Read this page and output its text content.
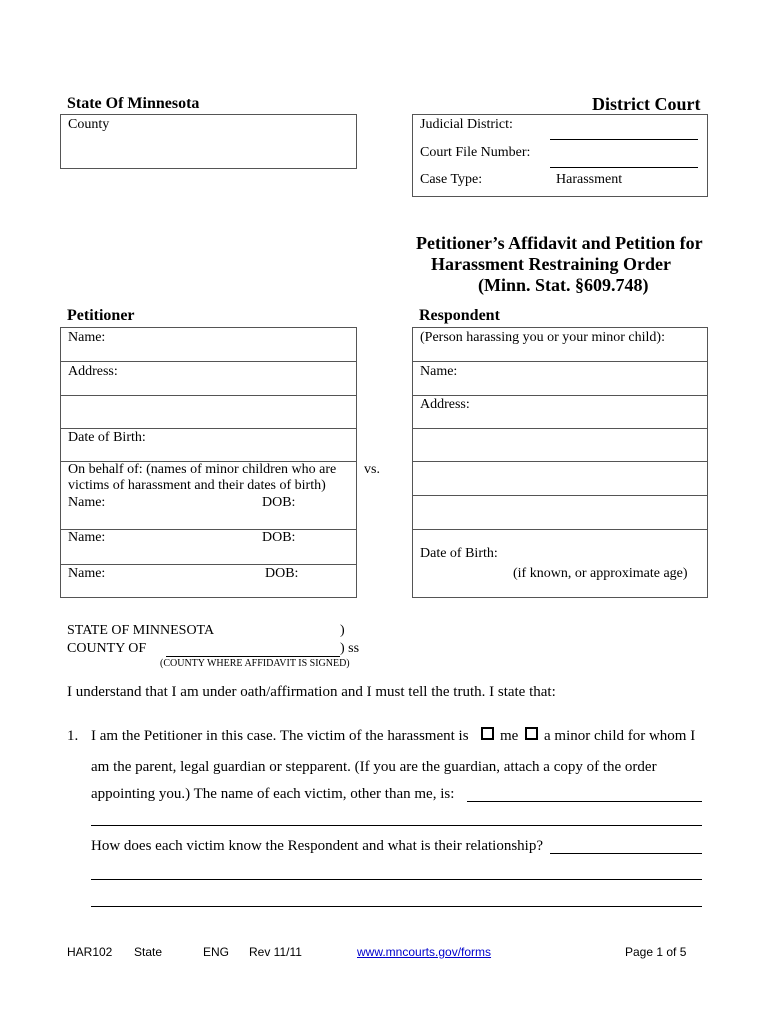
State Of Minnesota	District Court
County	Judicial District:
Court File Number:
Case Type:	Harassment
Petitioner’s Affidavit and Petition for
Harassment Restraining Order
(Minn. Stat. §609.748)
Petitioner	Respondent
Name:
Address:
Date of Birth:
On behalf of: (names of minor children who are
victims of harassment and their dates of birth)
Name:	DOB:
Name:	DOB:
Name:	DOB:
vs.
(Person harassing you or your minor child):
Name:
Address:
Date of Birth:
(if known, or approximate age)
STATE OF MINNESOTA	)
COUNTY OF	) ss
(COUNTY WHERE AFFIDAVIT IS SIGNED)
I understand that I am under oath/affirmation and I must tell the truth. I state that:
1. I am the Petitioner in this case. The victim of the harassment is me a minor child for whom I
am the parent, legal guardian or stepparent. (If you are the guardian, attach a copy of the order
appointing you.) The name of each victim, other than me, is:
How does each victim know the Respondent and what is their relationship?
HAR102 State	ENG Rev 11/11	www.mncourts.gov/forms	Page 1 of 5
